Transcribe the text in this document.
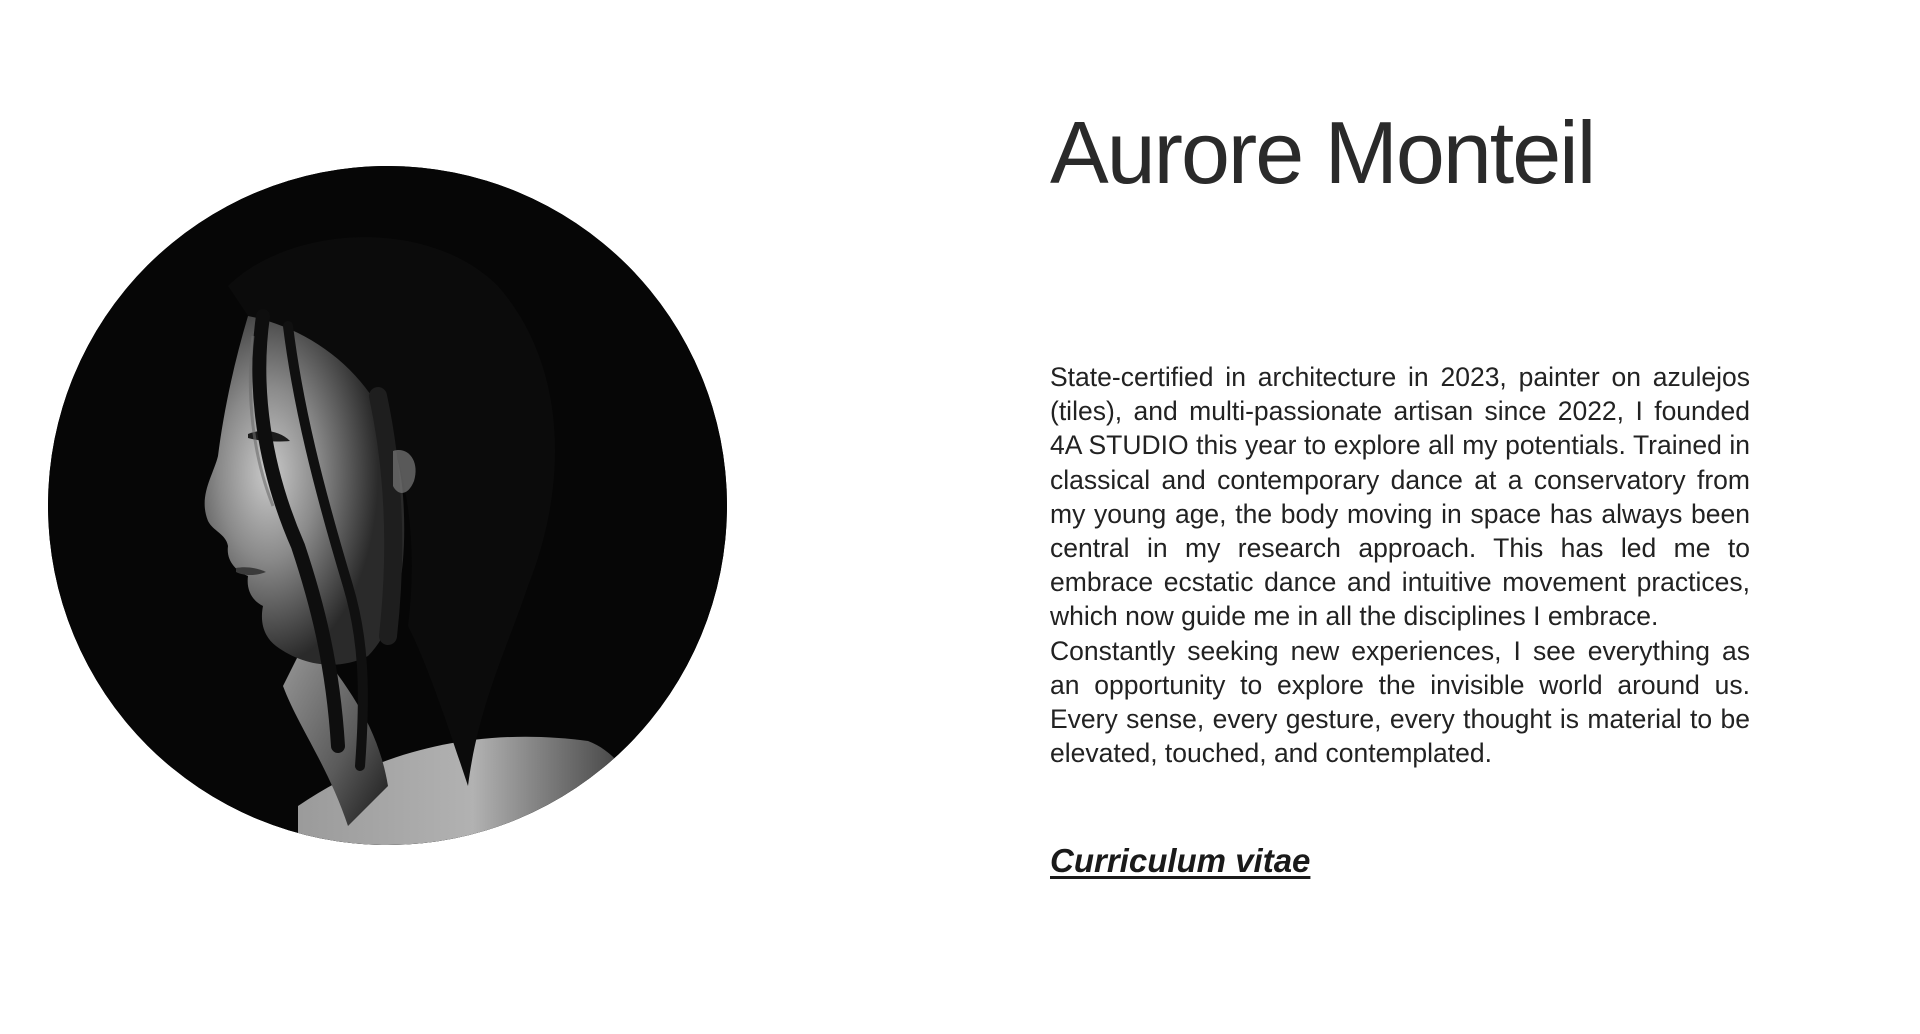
Aurore Monteil

State-certified in architecture in 2023, painter on azulejos (tiles), and multi-passionate artisan since 2022, I founded 4A STUDIO this year to explore all my potentials. Trained in classical and contemporary dance at a conservatory from my young age, the body moving in space has always been central in my research approach. This has led me to embrace ecstatic dance and intuitive movement practices, which now guide me in all the disciplines I embrace.

Constantly seeking new experiences, I see everything as an opportunity to explore the invisible world around us. Every sense, every gesture, every thought is material to be elevated, touched, and contemplated.

Curriculum vitae
